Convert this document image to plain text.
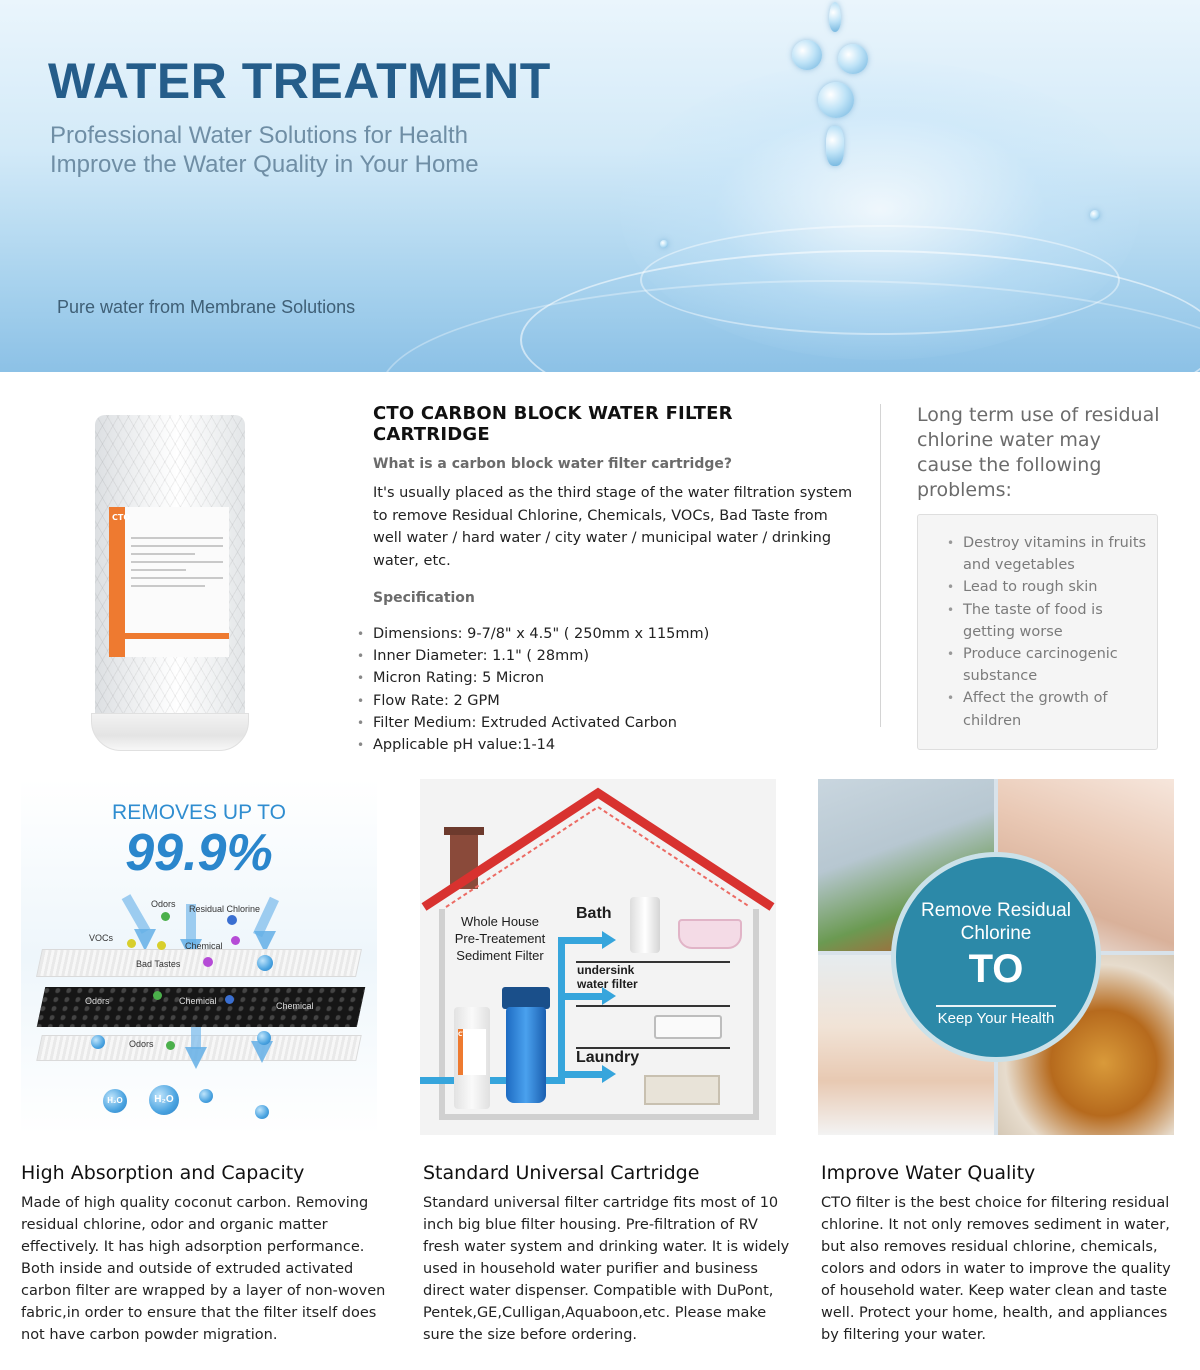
WATER TREATMENT
Professional Water Solutions for Health
Improve the Water Quality in Your Home
Pure water from Membrane Solutions
CTO
CTO CARBON BLOCK WATER FILTER CARTRIDGE
What is a carbon block water filter cartridge?
It's usually placed as the third stage of the water filtration system to remove Residual Chlorine, Chemicals, VOCs, Bad Taste from well water / hard water / city water / municipal water / drinking water, etc.
Specification
• Dimensions: 9-7/8" x 4.5" ( 250mm x 115mm)
• Inner Diameter: 1.1" ( 28mm)
• Micron Rating: 5 Micron
• Flow Rate: 2 GPM
• Filter Medium: Extruded Activated Carbon
• Applicable pH value:1-14
Long term use of residual chlorine water may cause the following problems:
• Destroy vitamins in fruits and vegetables
• Lead to rough skin
• The taste of food is getting worse
• Produce carcinogenic substance
• Affect the growth of children
REMOVES UP TO
99.9%
Odors Residual Chlorine
VOCs
Chemical
Bad Tastes
Odors	Chemical	Chemical
Odors
H₂O	H₂O
Whole House
Pre-Treatement
Sediment Filter
Bath
undersink
water filter
Laundry
CTO
Remove Residual Chlorine
TO
Keep Your Health
High Absorption and Capacity

Made of high quality coconut carbon. Removing residual chlorine, odor and organic matter effectively. It has high adsorption performance. Both inside and outside of extruded activated carbon filter are wrapped by a layer of non-woven fabric,in order to ensure that the filter itself does not have carbon powder migration.

Standard Universal Cartridge

Standard universal filter cartridge fits most of 10 inch big blue filter housing. Pre-filtration of RV fresh water system and drinking water. It is widely used in household water purifier and business direct water dispenser. Compatible with DuPont, Pentek,GE,Culligan,Aquaboon,etc. Please make sure the size before ordering.

Improve Water Quality

CTO filter is the best choice for filtering residual chlorine. It not only removes sediment in water, but also removes residual chlorine, chemicals, colors and odors in water to improve the quality of household water. Keep water clean and taste well. Protect your home, health, and appliances by filtering your water.
